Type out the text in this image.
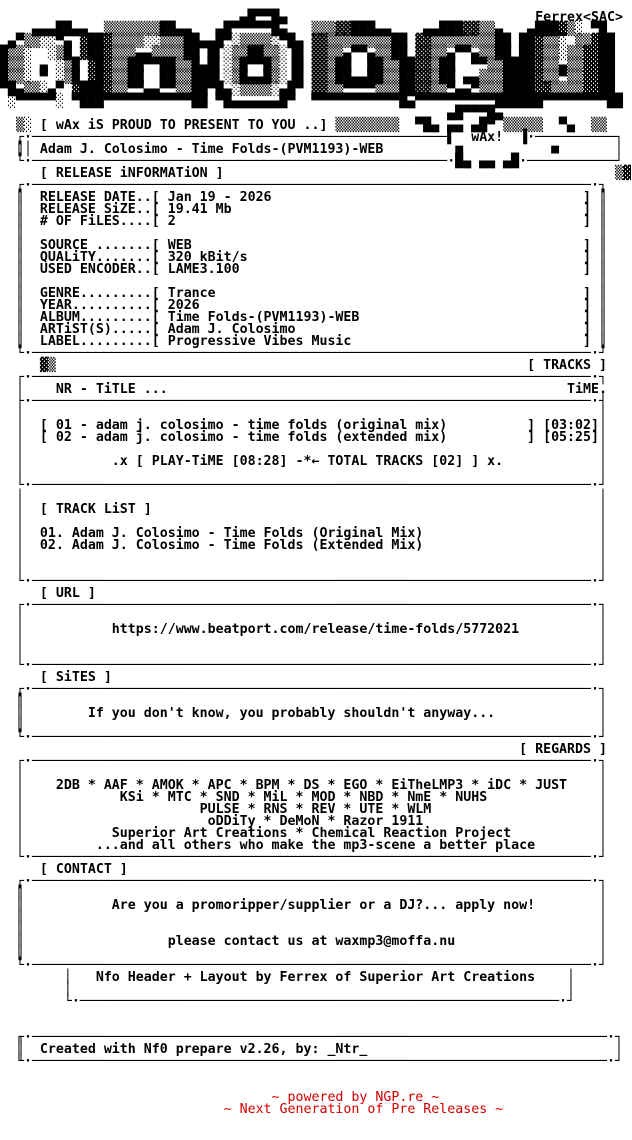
▄█▀▀█▄                               Ferrex<SAC>
▄▄▄██▄▄  ▒▒▒▒▒▒▒██▄▄   ▄█▀▀▀▀▀█▄   ▒▒▒▓▓███▄▄    ▄▄███▓▓▒▒▄   ▄███▓▒░ ▀█
▄▀▒▒░░▀▄ ▓██▓▒▒▒▒░░▒▒▒██▄▄█▀░▒▒▒▒░▀█▄ ▓▓▒▒▒▒▒▒▒▒██ ▓▓▒▒▒▒▒▒▒▒██ ██▓▒▒░ ▒▒▓██
█▒▒░  ░▒█ ▓██▓▒▒▒▄▄▒▒▒▒██ █▌░▒▒██▒▒░▐█ ▓▓▒▒▄▀▀▄▒▒██ ▓▓▒▒▄▀▀▄▒▒██ ██▓▒▒░▒▒▓▓██
█▒▒░ ▄ ░▒█ ▓█▓▒▒██▀▀██▒▒█▄█▌░▒█▀▀█▒░▐█ ▓▓▒██  ██▒▒██▓▓▒██  ▀▀▒▒████▓▒▒▄▒▒▓▓██
█▒▒░ ▀ ░▒█ ▓█▓▒▒██  ██▒▒███▌░▒█▄▄█▒░▐█ ▓▓▒██▄▄██▒▒██▓▓▒██ ▄▄▒▒▒████▓▒▒▀▒▒▓▓██
▀█▄▒▒░▄▀ ▓███▓▒▒▀▀▄▄▀▀▒▒██▀█▄░▒▒▒▒░▄█▀ ▓▓▒▒▀▀▀▀▒▒▒██▓▓▒▒▀▄▄▀▒▒▒████▓▓▒▒▒▒▓▓██
░▀▀▀▀▀░ ▀███▀▀▀▀▀▀▀▀▀▀▀██ ▀█▄▄▄▄▄▄█▀  ▀▀▀▀▀▀▀▀▀▀▀█▄▀▀▀▀▀▀▀▀▀▀██████▀▀▀▀▀▀▀▀██
▄█▀▀▀█▄
▒░ [ wAx iS PROUD TO PRESENT TO YOU ..] ▒▒▒▒▒▒▒▒  ▀█▄ ▄▄ ▄█▀ ▒▒▒▒▒  ▀▄  ▒▒
┌·────────────────────────────────────────────────────▌  wAx!  ▐·──────────┐
║│ Adam J. Colosimo - Time Folds-(PVM1193)-WEB         ■           ■       │
└·────────────────────────────────────────────────────·█▄ ▄▄ ▄█·───────────┘
[ RELEASE iNFORMATiON ]                                                 ▒▓
┌·──────────────────────────────────────────────────────────────────────·┐
║  RELEASE DATE..[ Jan 19 - 2026                                       ] ║
║  RELEASE SiZE..[ 19.41 Mb                                            ] ║
║  # OF FiLES....[ 2                                                   ] ║
║                                                                        ║
║  SOURCE .......[ WEB                                                 ] ║
║  QUALiTY.......[ 320 kBit/s                                          ] ║
║  USED ENCODER..[ LAME3.100                                           ] ║
║                                                                        ║
║  GENRE.........[ Trance                                              ] ║
║  YEAR..........[ 2026                                                ] ║
║  ALBUM.........[ Time Folds-(PVM1193)-WEB                            ] ║
║  ARTiST(S).....[ Adam J. Colosimo                                    ] ║
║  LABEL.........[ Progressive Vibes Music                             ] ║
└·──────────────────────────────────────────────────────────────────────·┘
▓▒                                                           [ TRACKS ]
┌·──────────────────────────────────────────────────────────────────────·┐
│    NR - TiTLE ...                                                  TiME.
├·──────────────────────────────────────────────────────────────────────·┤
│                                                                        │
│  [ 01 - adam j. colosimo - time folds (original mix)          ] [03:02]│
│  [ 02 - adam j. colosimo - time folds (extended mix)          ] [05:25]│
│                                                                        │
│           .x [ PLAY-TiME [08:28] -*← TOTAL TRACKS [02] ] x.            │
│                                                                        │
└·──────────────────────────────────────────────────────────────────────·┘
│                                                                        │
│  [ TRACK LiST ]                                                        │
│                                                                        │
│  01. Adam J. Colosimo - Time Folds (Original Mix)                      │
│  02. Adam J. Colosimo - Time Folds (Extended Mix)                      │
│                                                                        │
│                                                                        │
└·──────────────────────────────────────────────────────────────────────·┘
[ URL ]
┌·──────────────────────────────────────────────────────────────────────·┐
│                                                                        │
│           https://www.beatport.com/release/time-folds/5772021          │
│                                                                        │
│                                                                        │
└·──────────────────────────────────────────────────────────────────────·┘
[ SiTES ]
┌·──────────────────────────────────────────────────────────────────────·┐
║                                                                        │
║        If you don't know, you probably shouldn't anyway...             │
║                                                                        │
└·──────────────────────────────────────────────────────────────────────·┘
[ REGARDS ]
┌·──────────────────────────────────────────────────────────────────────·┐
│                                                                        │
│    2DB * AAF * AMOK * APC * BPM * DS * EGO * EiTheLMP3 * iDC * JUST    │
│            KSi * MTC * SND * MiL * MOD * NBD * NmE * NUHS              │
│                      PULSE * RNS * REV * UTE * WLM                     │
│                       oDDiTy * DeMoN * Razor 1911                      │
│           Superior Art Creations * Chemical Reaction Project           │
│         ...and all others who make the mp3-scene a better place        │
└·──────────────────────────────────────────────────────────────────────·┘
[ CONTACT ]
┌·──────────────────────────────────────────────────────────────────────·┐
║                                                                        │
║           Are you a promoripper/supplier or a DJ?... apply now!        │
║                                                                        │
║                                                                        │
║                  please contact us at waxmp3@moffa.nu                  │
║                                                                        │
└·──────────────────────────────────────────────────────────────────────·┘
│   Nfo Header + Layout by Ferrex of Superior Art Creations    │
│                                                              │
└·────────────────────────────────────────────────────────────·┘
╓·────────────────────────────────────────────────────────────────────────·┐
║  Created with Nf0 prepare v2.26, by: _Ntr_                               │
╙·────────────────────────────────────────────────────────────────────────·┘
~ powered by NGP.re ~
~ Next Generation of Pre Releases ~
